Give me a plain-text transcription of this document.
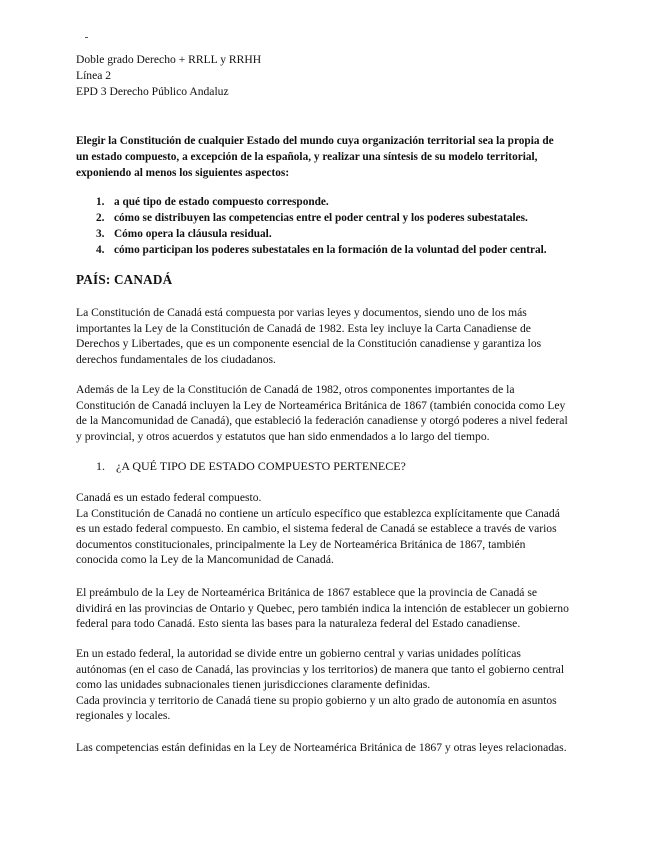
Doble grado Derecho + RRLL y RRHH
Línea 2
EPD 3 Derecho Público Andaluz
Elegir la Constitución de cualquier Estado del mundo cuya organización territorial sea la propia de
un estado compuesto, a excepción de la española, y realizar una síntesis de su modelo territorial,
exponiendo al menos los siguientes aspectos:
1. a qué tipo de estado compuesto corresponde.
2. cómo se distribuyen las competencias entre el poder central y los poderes subestatales.
3. Cómo opera la cláusula residual.
4. cómo participan los poderes subestatales en la formación de la voluntad del poder central.
PAÍS: CANADÁ
La Constitución de Canadá está compuesta por varias leyes y documentos, siendo uno de los más
importantes la Ley de la Constitución de Canadá de 1982. Esta ley incluye la Carta Canadiense de
Derechos y Libertades, que es un componente esencial de la Constitución canadiense y garantiza los
derechos fundamentales de los ciudadanos.
Además de la Ley de la Constitución de Canadá de 1982, otros componentes importantes de la
Constitución de Canadá incluyen la Ley de Norteamérica Británica de 1867 (también conocida como Ley
de la Mancomunidad de Canadá), que estableció la federación canadiense y otorgó poderes a nivel federal
y provincial, y otros acuerdos y estatutos que han sido enmendados a lo largo del tiempo.
1. ¿A QUÉ TIPO DE ESTADO COMPUESTO PERTENECE?
Canadá es un estado federal compuesto.
La Constitución de Canadá no contiene un artículo específico que establezca explícitamente que Canadá
es un estado federal compuesto. En cambio, el sistema federal de Canadá se establece a través de varios
documentos constitucionales, principalmente la Ley de Norteamérica Británica de 1867, también
conocida como la Ley de la Mancomunidad de Canadá.
El preámbulo de la Ley de Norteamérica Británica de 1867 establece que la provincia de Canadá se
dividirá en las provincias de Ontario y Quebec, pero también indica la intención de establecer un gobierno
federal para todo Canadá. Esto sienta las bases para la naturaleza federal del Estado canadiense.
En un estado federal, la autoridad se divide entre un gobierno central y varias unidades políticas
autónomas (en el caso de Canadá, las provincias y los territorios) de manera que tanto el gobierno central
como las unidades subnacionales tienen jurisdicciones claramente definidas.
Cada provincia y territorio de Canadá tiene su propio gobierno y un alto grado de autonomía en asuntos
regionales y locales.
Las competencias están definidas en la Ley de Norteamérica Británica de 1867 y otras leyes relacionadas.
